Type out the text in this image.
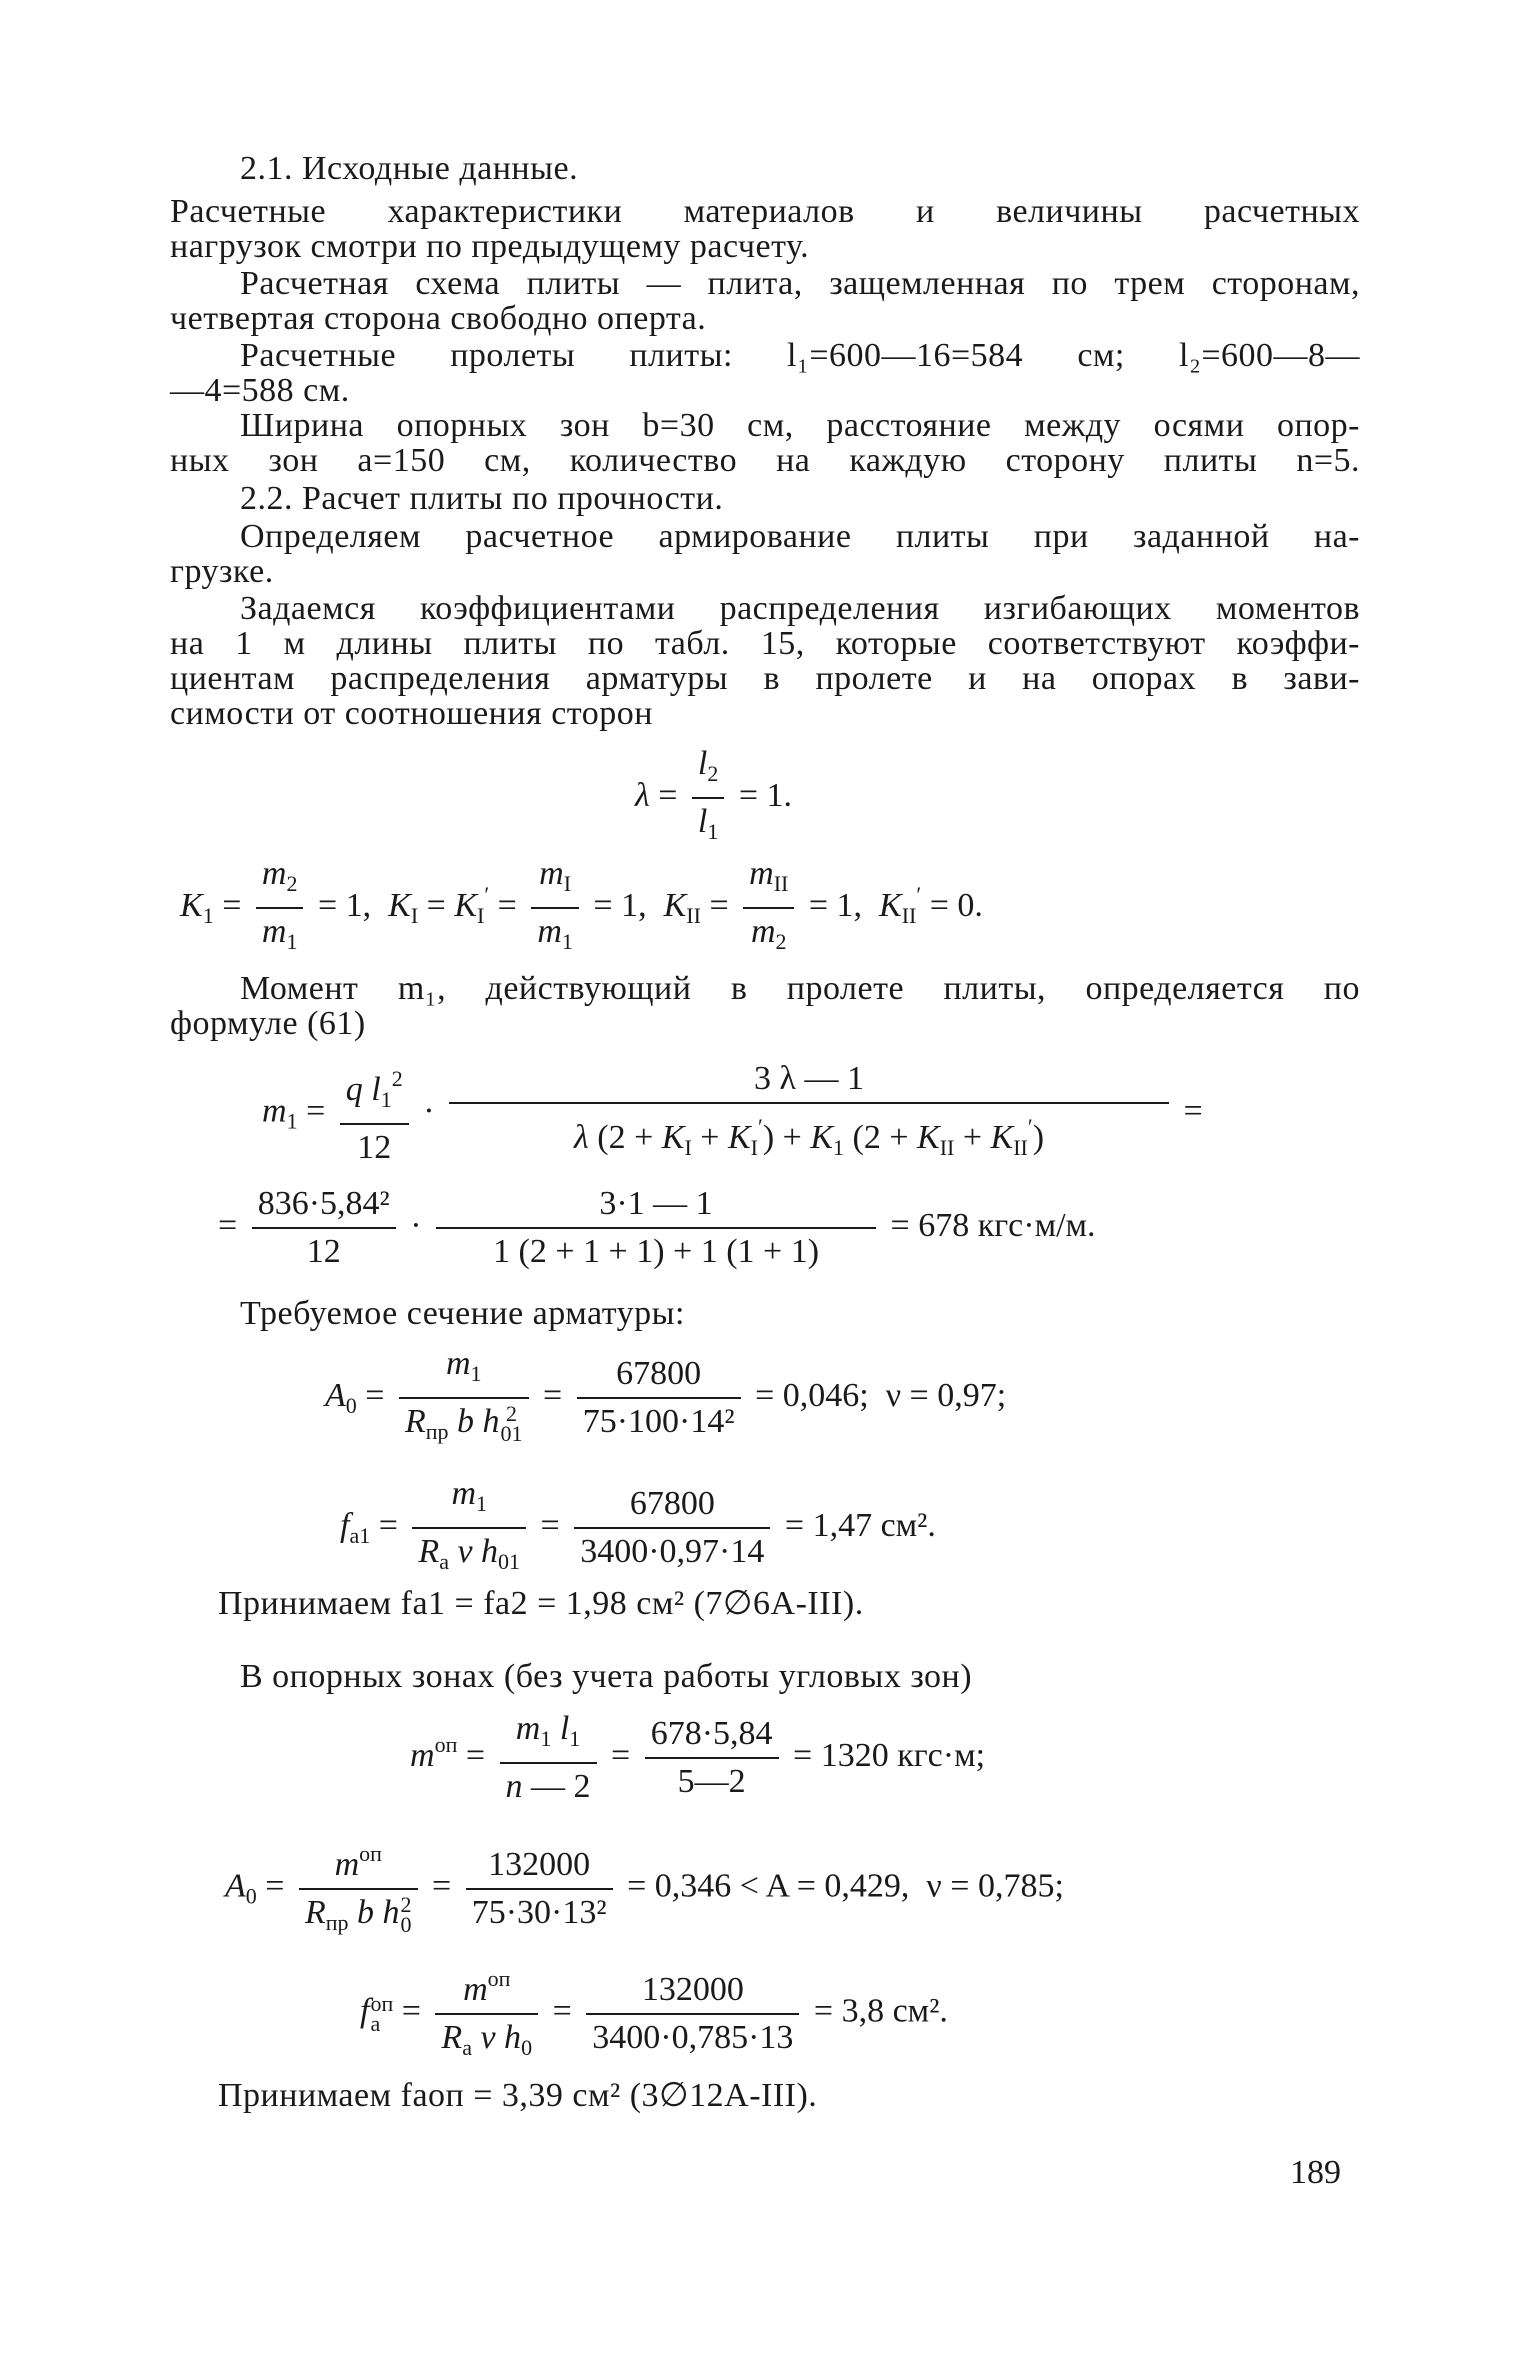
2.1. Исходные данные.
Расчетные характеристики материалов и величины расчетных
нагрузок смотри по предыдущему расчету.
Расчетная схема плиты — плита, защемленная по трем сторонам,
четвертая сторона свободно оперта.
Расчетные пролеты плиты: l₁=600—16=584 см; l₂=600—8—
—4=588 см.
Ширина опорных зон b=30 см, расстояние между осями опор-
ных зон a=150 см, количество на каждую сторону плиты n=5.
2.2. Расчет плиты по прочности.
Определяем расчетное армирование плиты при заданной на-
грузке.
Задаемся коэффициентами распределения изгибающих моментов
на 1 м длины плиты по табл. 15, которые соответствуют коэффи-
циентам распределения арматуры в пролете и на опорах в зави-
симости от соотношения сторон
$\lambda = \frac{l_2}{l_1} = 1$.
$K_1 = \frac{m_2}{m_1} = 1$, $K_I = K_I' = \frac{m_I}{m_1} = 1$, $K_{II} = \frac{m_{II}}{m_2} = 1$, $K_{II}' = 0$.
Момент m₁, действующий в пролете плиты, определяется по
формуле (61)
$m_1 = \frac{q l_1^2}{12} \cdot \frac{3 \lambda — 1}{\lambda (2 + K_I + K_I') + K_1 (2 + K_{II} + K_{II}')}$ =
= $\frac{\text{836·5,84²}}{12} \cdot \frac{3\cdot 1 — 1}{1 (2 + 1 + 1) + 1 (1 + 1)} = 678$ кгс·м/м.
Требуемое сечение арматуры:
$A_0 = m_1$
$R_{пр}$ b h 2
$01 = \frac{67800}{\text{75·100·14²}} = 0,046$; ν = 0,97;
$f_{a1} = \frac{m_1}{R_a \nu h_{01}} = \frac{67800}{3400\cdot 0,97\cdot 14} = 1,47$ см².
Принимаем fa1 = fa2 = 1,98 см² (7∅6A-III).
В опорных зонах (без учета работы угловых зон)
$m^{оп} = \frac{m_1 l_1}{n — 2} = \frac{678\cdot 5,84}{5—2} = 1320$ кгс·м;
$A_0 = m^{оп}$
$R_{пр}$ b h 2
$0 = \frac{132000}{\text{75·30·13²}} = 0,346 < A = 0,429$, ν = 0,785;
f оп
$a = \frac{m^{оп}}{R_a \nu h_0} = \frac{132000}{3400\cdot 0,785\cdot 13} = 3,8$ см².
Принимаем fаоп = 3,39 см² (3∅12A-III).
189
